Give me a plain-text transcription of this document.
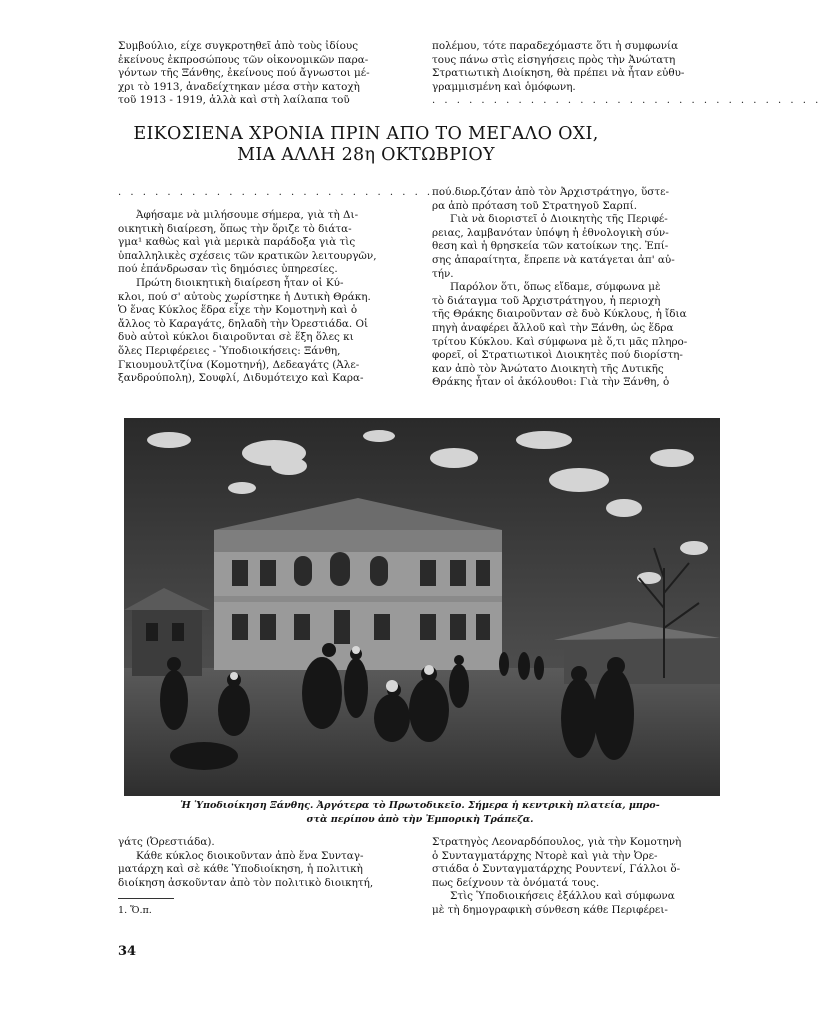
Συμβούλιο, είχε συγκροτηθεῖ ἀπὸ τοὺς ἰδίους
ἐκείνους ἐκπροσώπους τῶν οἰκονομικῶν παρα-
γόντων τῆς Ξάνθης, ἐκείνους πού ἄγνωστοι μέ-
χρι τὸ 1913, ἀναδείχτηκαν μέσα στὴν κατοχὴ
τοῦ 1913 - 1919, ἀλλὰ καὶ στὴ λαίλαπα τοῦ

πολέμου, τότε παραδεχόμαστε ὅτι ἡ συμφωνία
τους πάνω στὶς εἰσηγήσεις πρὸς τὴν Ἀνώτατη
Στρατιωτικὴ Διοίκηση, θὰ πρέπει νὰ ἦταν εὐθυ-
γραμμισμένη καὶ ὁμόφωνη.

. . . . . . . . . . . . . . . . . . . . . . . . . . . . . . . .
ΕΙΚΟΣΙΕΝΑ ΧΡΟΝΙΑ ΠΡΙΝ ΑΠΟ ΤΟ ΜΕΓΑΛΟ ΟΧΙ,
ΜΙΑ ΑΛΛΗ 28η ΟΚΤΩΒΡΙΟΥ
. . . . . . . . . . . . . . . . . . . . . . . . . . . . . . . .

Ἀφήσαμε νὰ μιλήσουμε σήμερα, γιὰ τὴ Δι-
οικητικὴ διαίρεση, ὅπως τὴν ὅριζε τὸ διάτα-
γμα¹ καθὼς καὶ γιὰ μερικὰ παράδοξα γιὰ τὶς
ὑπαλληλικὲς σχέσεις τῶν κρατικῶν λειτουργῶν,
πού ἐπάνδρωσαν τὶς δημόσιες ὑπηρεσίες.

Πρώτη διοικητικὴ διαίρεση ἦταν οἱ Κύ-
κλοι, πού σ' αὐτοὺς χωρίστηκε ἡ Δυτικὴ Θράκη.
Ὁ ἕνας Κύκλος ἕδρα εἶχε τὴν Κομοτηνὴ καὶ ὁ
ἄλλος τὸ Καραγάτς, δηλαδὴ τὴν Ὀρεστιάδα. Οἱ
δυὸ αὐτοὶ κύκλοι διαιροῦνται σὲ ἕξη ὅλες κι
ὅλες Περιφέρειες - Ὑποδιοικήσεις: Ξάνθη,
Γκιουμουλτζίνα (Κομοτηνή), Δεδεαγάτς (Ἀλε-
ξανδρούπολη), Σουφλί, Διδυμότειχο καὶ Καρα-

πού διορ.ζόταν ἀπὸ τὸν Ἀρχιστράτηγο, ὕστε-
ρα ἀπὸ πρόταση τοῦ Στρατηγοῦ Σαρπί.

Γιὰ νὰ διοριστεῖ ὁ Διοικητὴς τῆς Περιφέ-
ρειας, λαμβανόταν ὑπόψη ἡ ἐθνολογικὴ σύν-
θεση καὶ ἡ θρησκεία τῶν κατοίκων της. Ἐπί-
σης ἀπαραίτητα, ἔπρεπε νὰ κατάγεται ἀπ' αὐ-
τήν.

Παρόλον ὅτι, ὅπως εἴδαμε, σύμφωνα μὲ
τὸ διάταγμα τοῦ Ἀρχιστράτηγου, ἡ περιοχὴ
τῆς Θράκης διαιροῦνταν σὲ δυὸ Κύκλους, ἡ ἴδια
πηγὴ ἀναφέρει ἄλλοῦ καὶ τὴν Ξάνθη, ὡς ἕδρα
τρίτου Κύκλου. Καὶ σύμφωνα μὲ ὅ,τι μᾶς πληρο-
φορεῖ, οἱ Στρατιωτικοὶ Διοικητὲς πού διορίστη-
καν ἀπὸ τὸν Ἀνώτατο Διοικητὴ τῆς Δυτικῆς
Θράκης ἦταν οἱ ἀκόλουθοι: Γιὰ τὴν Ξάνθη, ὁ

Ἡ Ὑποδιοίκηση Ξάνθης. Ἀργότερα τὸ Πρωτοδικεῖο. Σήμερα ἡ κεντρικὴ πλατεία, μπρο-
στὰ περίπου ἀπὸ τὴν Ἐμπορικὴ Τράπεζα.

γάτς (Ὀρεστιάδα).

Κάθε κύκλος διοικοῦνταν ἀπὸ ἕνα Συνταγ-
ματάρχη καὶ σὲ κάθε Ὑποδιοίκηση, ἡ πολιτικὴ
διοίκηση ἀσκοῦνταν ἀπὸ τὸν πολιτικὸ διοικητή,

Στρατηγὸς Λεοναρδόπουλος, γιὰ τὴν Κομοτηνὴ
ὁ Συνταγματάρχης Ντορὲ καὶ γιὰ τὴν Ὀρε-
στιάδα ὁ Συνταγματάρχης Ρουντενί, Γάλλοι ὅ-
πως δείχνουν τὰ ὀνόματά τους.

Στὶς Ὑποδιοικήσεις ἐξάλλου καὶ σύμφωνα
μὲ τὴ δημογραφικὴ σύνθεση κάθε Περιφέρει-

1. Ὅ.π.
34
